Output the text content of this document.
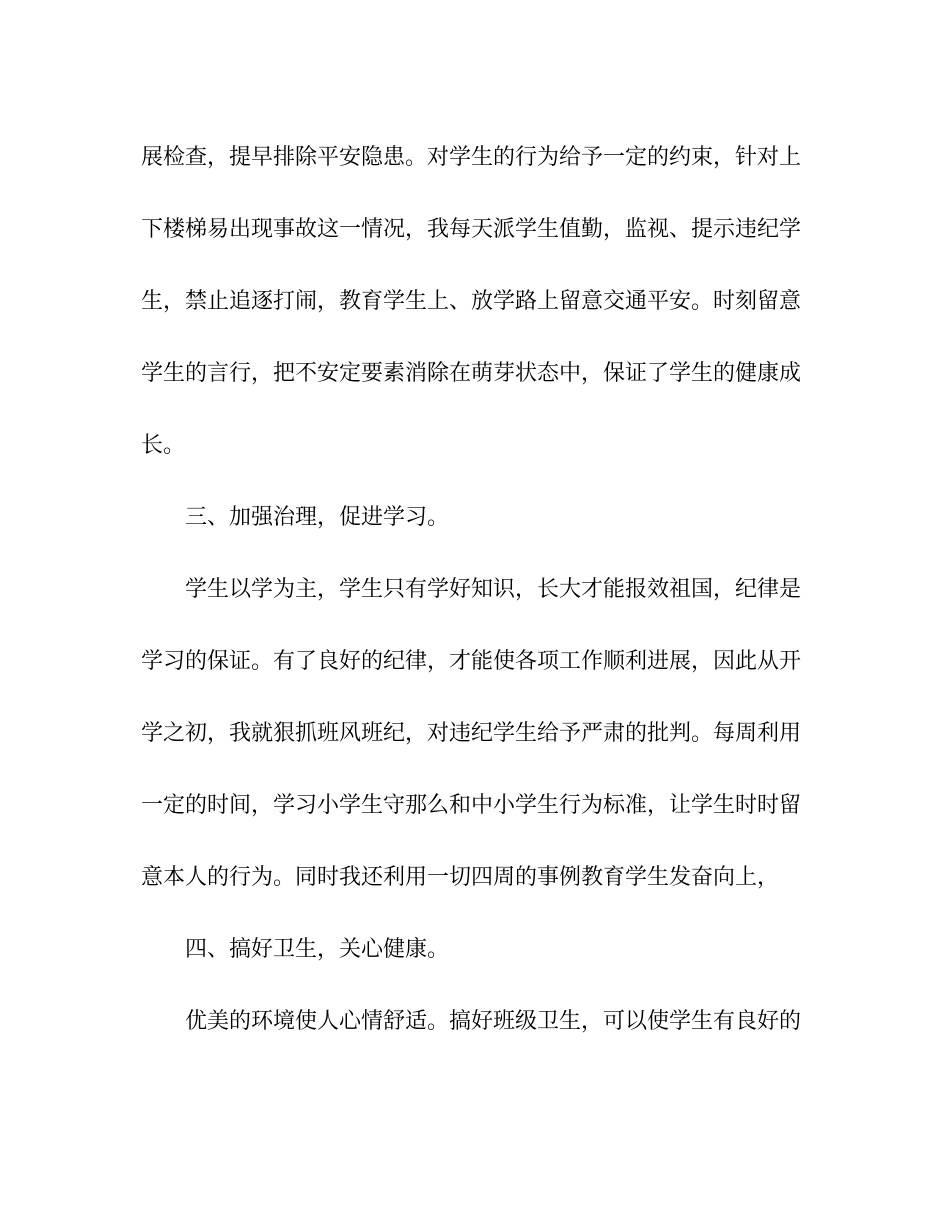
展检查，提早排除平安隐患。对学生的行为给予一定的约束，针对上
下楼梯易出现事故这一情况，我每天派学生值勤，监视、提示违纪学
生，禁止追逐打闹，教育学生上、放学路上留意交通平安。时刻留意
学生的言行，把不安定要素消除在萌芽状态中，保证了学生的健康成
长。
三、加强治理，促进学习。
学生以学为主，学生只有学好知识，长大才能报效祖国，纪律是
学习的保证。有了良好的纪律，才能使各项工作顺利进展，因此从开
学之初，我就狠抓班风班纪，对违纪学生给予严肃的批判。每周利用
一定的时间，学习小学生守那么和中小学生行为标准，让学生时时留
意本人的行为。同时我还利用一切四周的事例教育学生发奋向上，
四、搞好卫生，关心健康。
优美的环境使人心情舒适。搞好班级卫生，可以使学生有良好的
